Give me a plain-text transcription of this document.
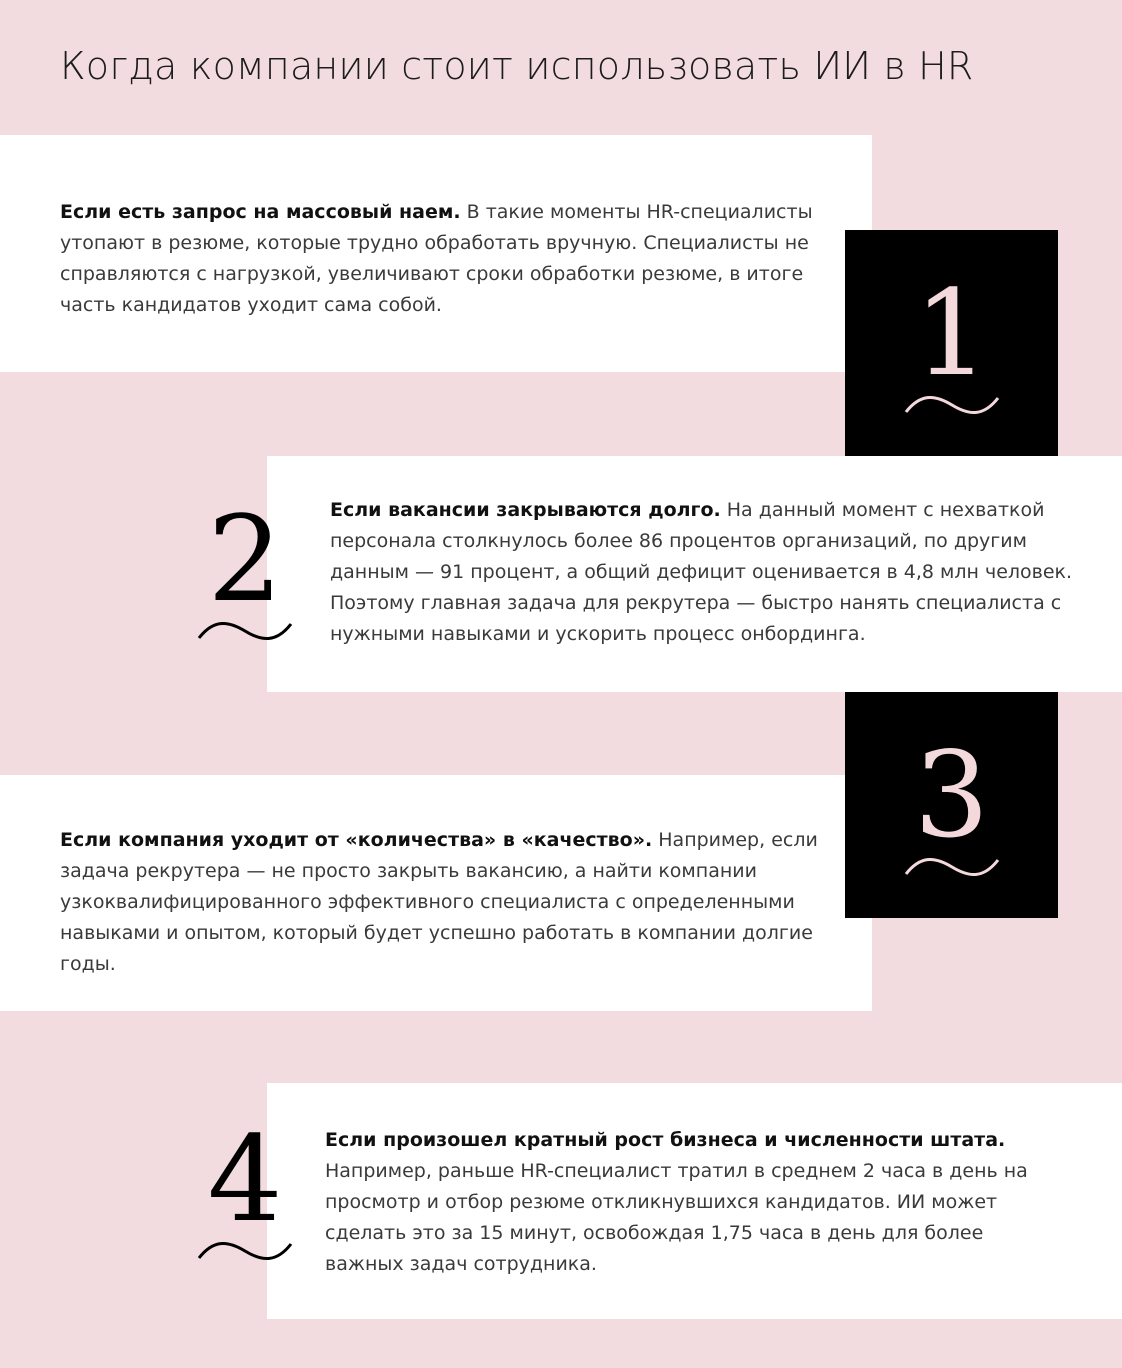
Когда компании стоит использовать ИИ в HR
Если есть запрос на массовый наем. В такие моменты HR-специалисты утопают в резюме, которые трудно обработать вручную. Специалисты не справляются с нагрузкой, увеличивают сроки обработки резюме, в итоге часть кандидатов уходит сама собой.	1
2	Если вакансии закрываются долго. На данный момент с нехваткой персонала столкнулось более 86 процентов организаций, по другим данным — 91 процент, а общий дефицит оценивается в 4,8 млн человек. Поэтому главная задача для рекрутера — быстро нанять специалиста с нужными навыками и ускорить процесс онбординга.
Если компания уходит от «количества» в «качество». Например, если задача рекрутера — не просто закрыть вакансию, а найти компании узкоквалифицированного эффективного специалиста с определенными навыками и опытом, который будет успешно работать в компании долгие годы.
3
4	Если произошел кратный рост бизнеса и численности штата. Например, раньше HR-специалист тратил в среднем 2 часа в день на просмотр и отбор резюме откликнувшихся кандидатов. ИИ может сделать это за 15 минут, освобождая 1,75 часа в день для более важных задач сотрудника.
